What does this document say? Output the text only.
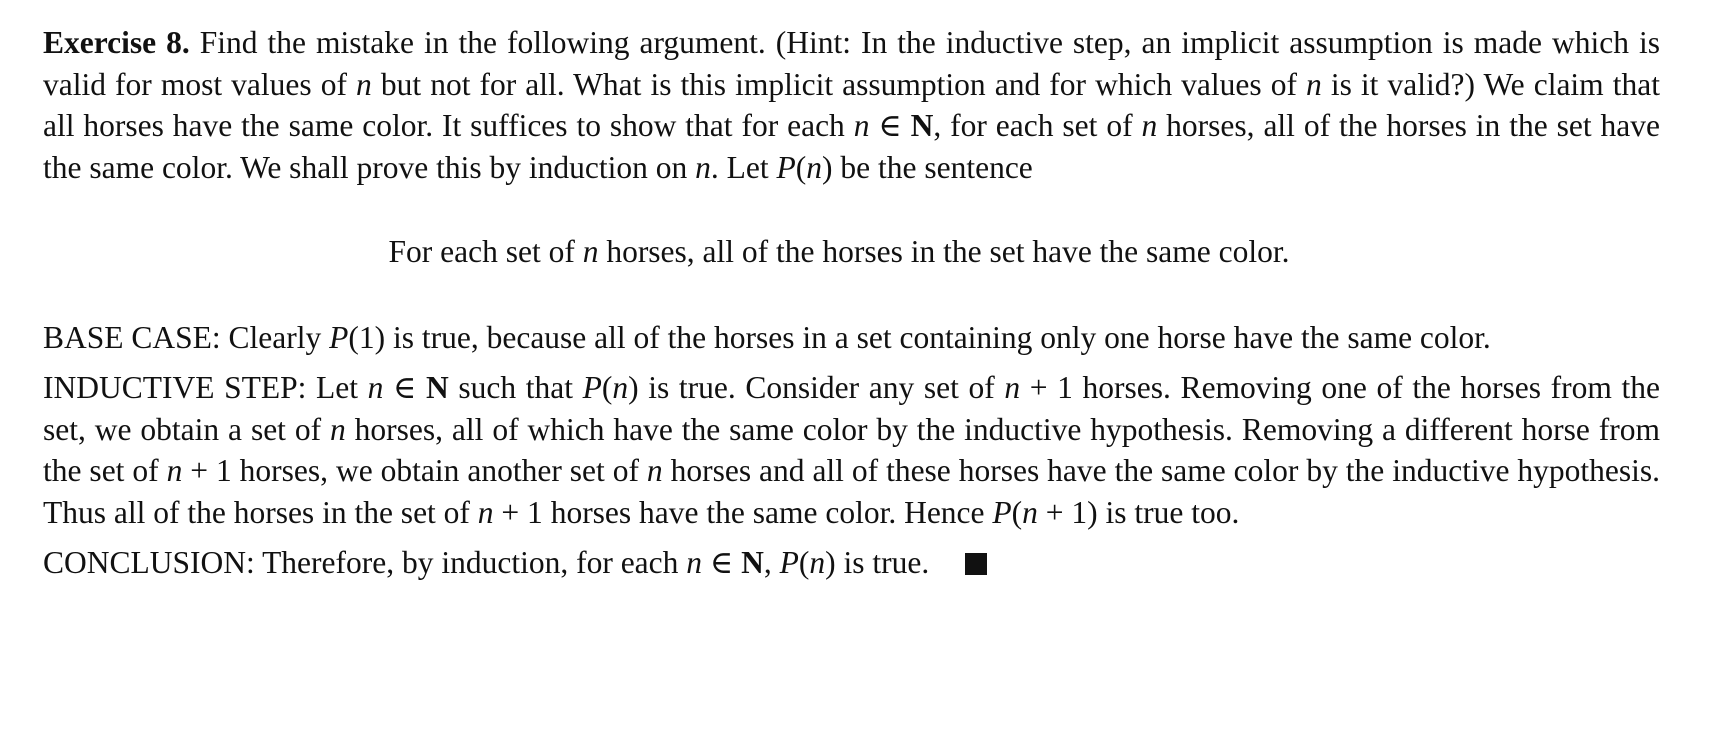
Exercise 8. Find the mistake in the following argument. (Hint: In the inductive step, an implicit assumption is made which is valid for most values of n but not for all. What is this implicit assumption and for which values of n is it valid?) We claim that all horses have the same color. It suffices to show that for each n ∈ N, for each set of n horses, all of the horses in the set have the same color. We shall prove this by induction on n. Let P(n) be the sentence

For each set of n horses, all of the horses in the set have the same color.

BASE CASE: Clearly P(1) is true, because all of the horses in a set containing only one horse have the same color.

INDUCTIVE STEP: Let n ∈ N such that P(n) is true. Consider any set of n + 1 horses. Removing one of the horses from the set, we obtain a set of n horses, all of which have the same color by the inductive hypothesis. Removing a different horse from the set of n + 1 horses, we obtain another set of n horses and all of these horses have the same color by the inductive hypothesis. Thus all of the horses in the set of n + 1 horses have the same color. Hence P(n + 1) is true too.

CONCLUSION: Therefore, by induction, for each n ∈ N, P(n) is true.
